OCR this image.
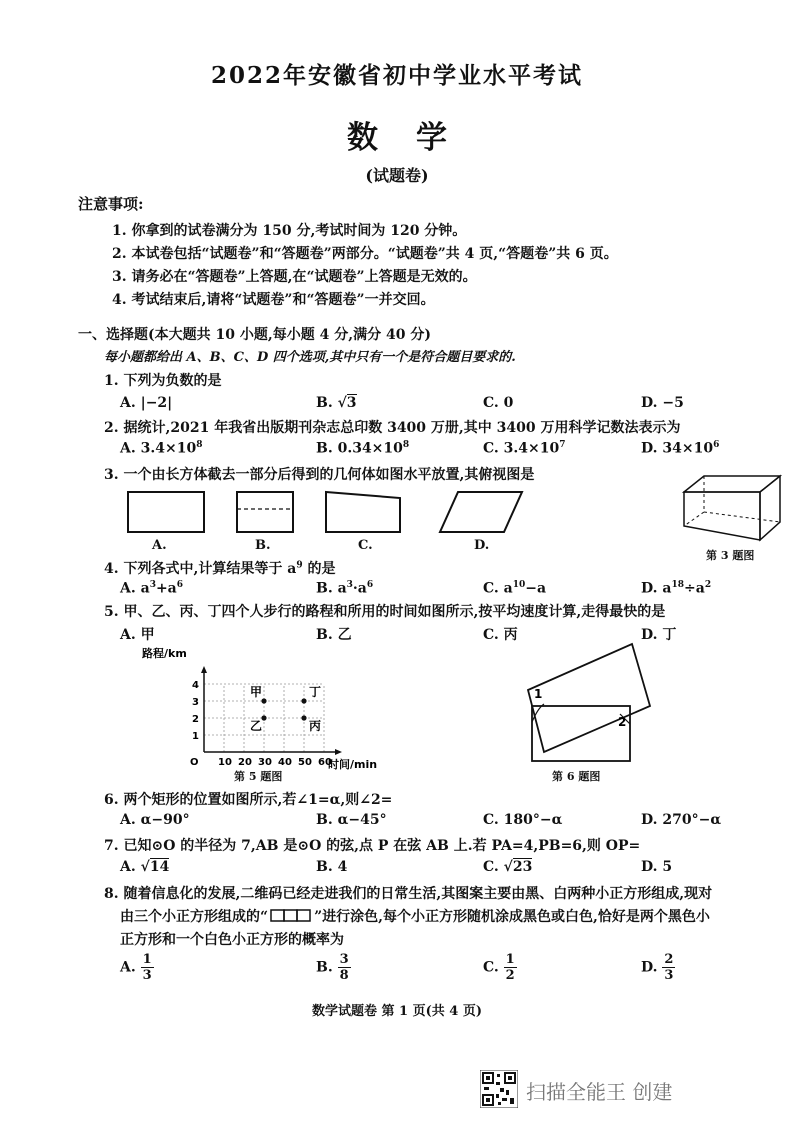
2022年安徽省初中学业水平考试
数学
(试题卷)
注意事项:
1. 你拿到的试卷满分为 150 分,考试时间为 120 分钟。
2. 本试卷包括“试题卷”和“答题卷”两部分。“试题卷”共 4 页,“答题卷”共 6 页。
3. 请务必在“答题卷”上答题,在“试题卷”上答题是无效的。
4. 考试结束后,请将“试题卷”和“答题卷”一并交回。
一、选择题(本大题共 10 小题,每小题 4 分,满分 40 分)
每小题都给出 A、B、C、D 四个选项,其中只有一个是符合题目要求的.
1. 下列为负数的是
A. |−2|	B. √3	C. 0	D. −5
2. 据统计,2021 年我省出版期刊杂志总印数 3400 万册,其中 3400 万用科学记数法表示为
A. $3.4\times 10^8$	B. $0.34\times 10^8$	C. $3.4\times 10^7$	D. $34\times 10^6$
3. 一个由长方体截去一部分后得到的几何体如图水平放置,其俯视图是
A.	B.	C.	D.
第 3 题图
4. 下列各式中,计算结果等于 $a^9$ 的是
A. $a^3+a^6$	B. $a^3\cdot a^6$	C. $a^{10}-a$	D. $a^{18}\div a^2$
5. 甲、乙、丙、丁四个人步行的路程和所用的时间如图所示,按平均速度计算,走得最快的是
A. 甲	B. 乙	C. 丙	D. 丁
O 10 20 30 40 50 60
1
2
3
4	甲
乙	丙
丁
路程/km
时间/min
第 5 题图
1
2
第 6 题图
6. 两个矩形的位置如图所示,若∠1=α,则∠2=
A. α−90°	B. α−45°	C. 180°−α	D. 270°−α
7. 已知⊙O 的半径为 7,AB 是⊙O 的弦,点 P 在弦 AB 上.若 PA=4,PB=6,则 OP=
A. √14	B. 4	C. √23	D. 5
8. 随着信息化的发展,二维码已经走进我们的日常生活,其图案主要由黑、白两种小正方形组成,现对
由三个小正方形组成的“	”进行涂色,每个小正方形随机涂成黑色或白色,恰好是两个黑色小
正方形和一个白色小正方形的概率为
A. $\frac{1}{3}$	B. $\frac{3}{8}$	C. $\frac{1}{2}$	D. $\frac{2}{3}$
数学试题卷 第 1 页(共 4 页)
扫描全能王 创建
